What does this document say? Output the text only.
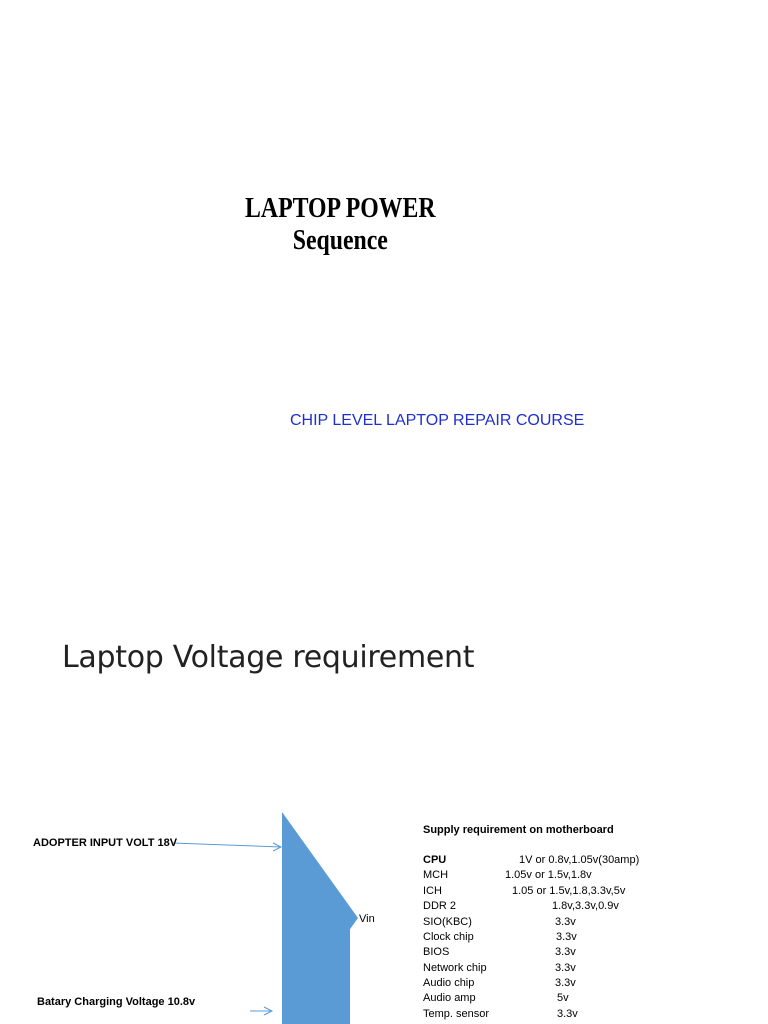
LAPTOP POWER
Sequence
CHIP LEVEL LAPTOP REPAIR COURSE
Laptop Voltage requirement
ADOPTER INPUT VOLT 18V
Batary Charging Voltage 10.8v
Vin
Supply requirement on motherboard
CPU	1V or 0.8v,1.05v(30amp)
MCH	1.05v or 1.5v,1.8v
ICH	1.05 or 1.5v,1.8,3.3v,5v
DDR 2	1.8v,3.3v,0.9v
SIO(KBC)	3.3v
Clock chip	3.3v
BIOS	3.3v
Network chip	3.3v
Audio chip	3.3v
Audio amp	5v
Temp. sensor	3.3v
